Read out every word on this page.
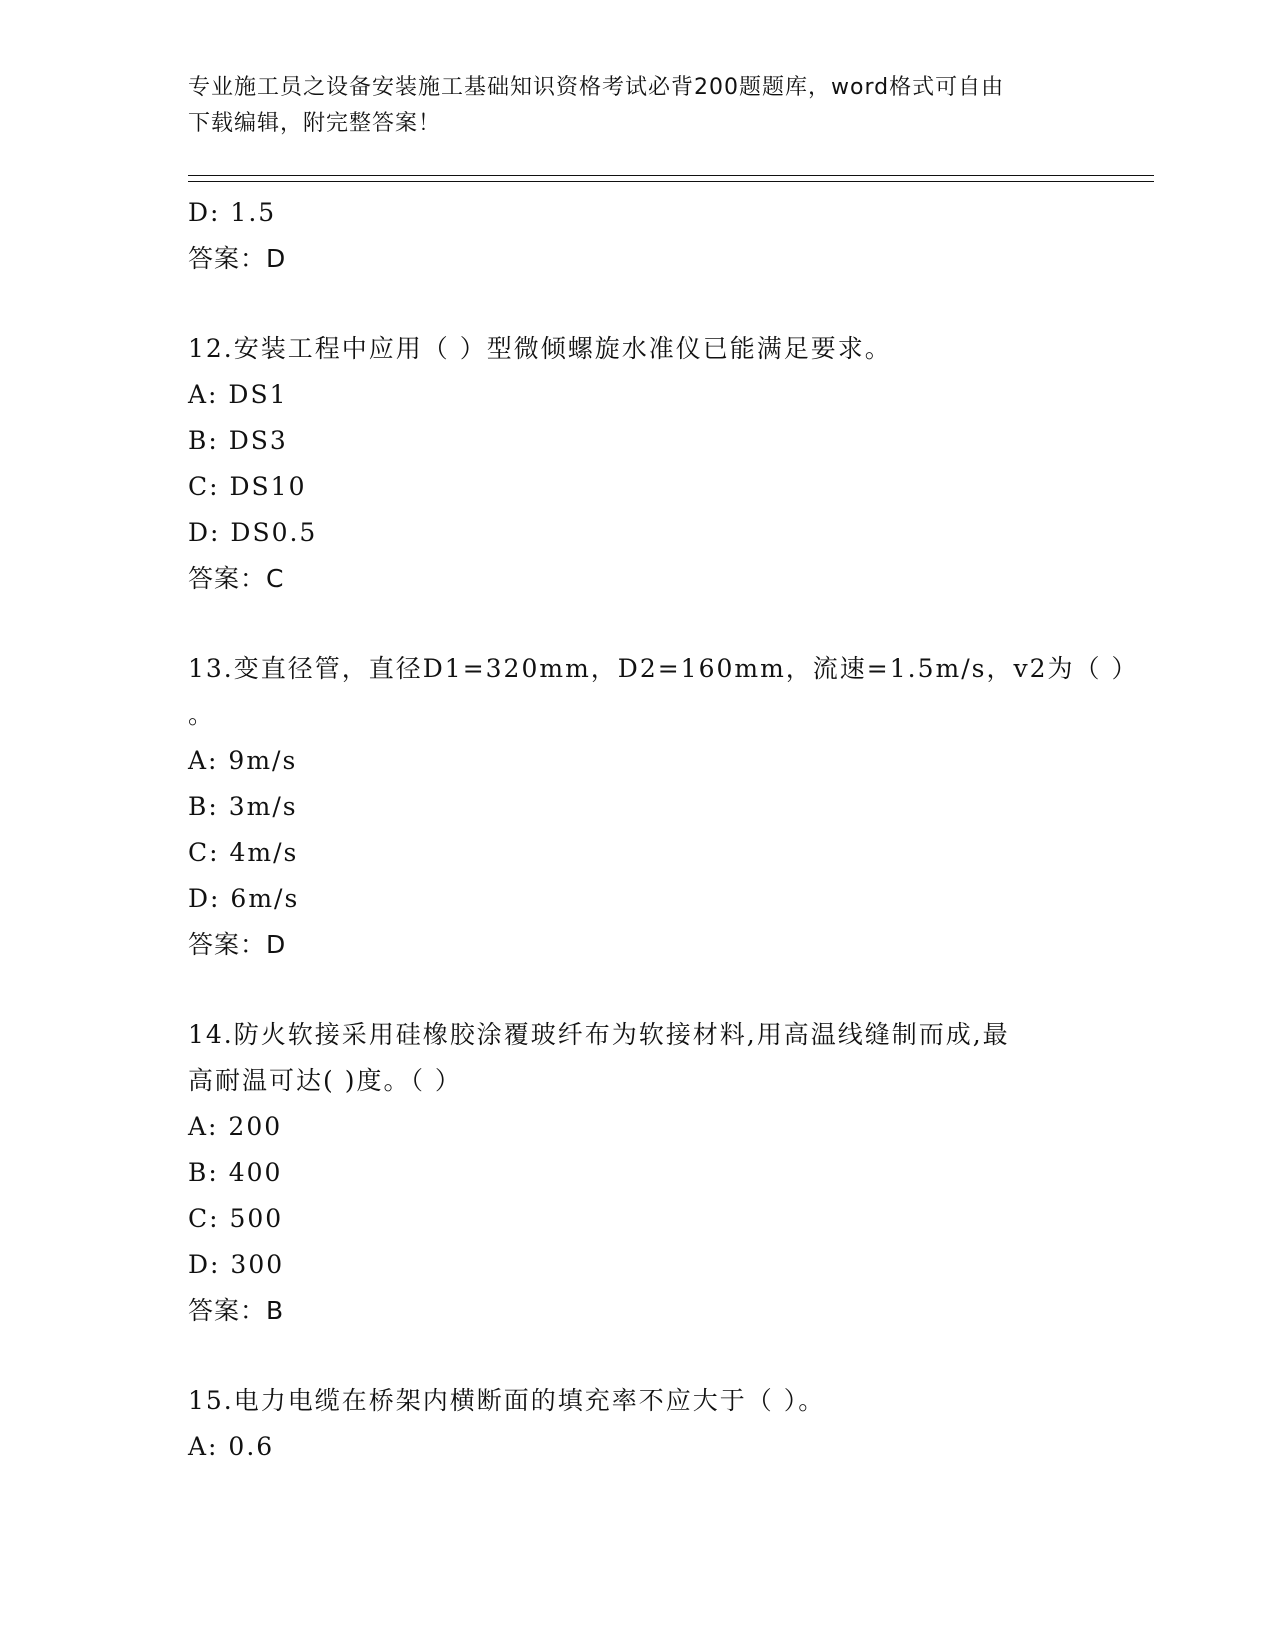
专业施工员之设备安装施工基础知识资格考试必背200题题库，word格式可自由
下载编辑，附完整答案！
D: 1.5
答案：D
12.安装工程中应用（ ）型微倾螺旋水准仪已能满足要求。
A: DS1
B: DS3
C: DS10
D: DS0.5
答案：C
13.变直径管，直径D1=320mm，D2=160mm，流速=1.5m/s，v2为（ ）
。
A: 9m/s
B: 3m/s
C: 4m/s
D: 6m/s
答案：D
14.防火软接采用硅橡胶涂覆玻纤布为软接材料,用高温线缝制而成,最
高耐温可达( )度。（ ）
A: 200
B: 400
C: 500
D: 300
答案：B
15.电力电缆在桥架内横断面的填充率不应大于（ ）。
A: 0.6
